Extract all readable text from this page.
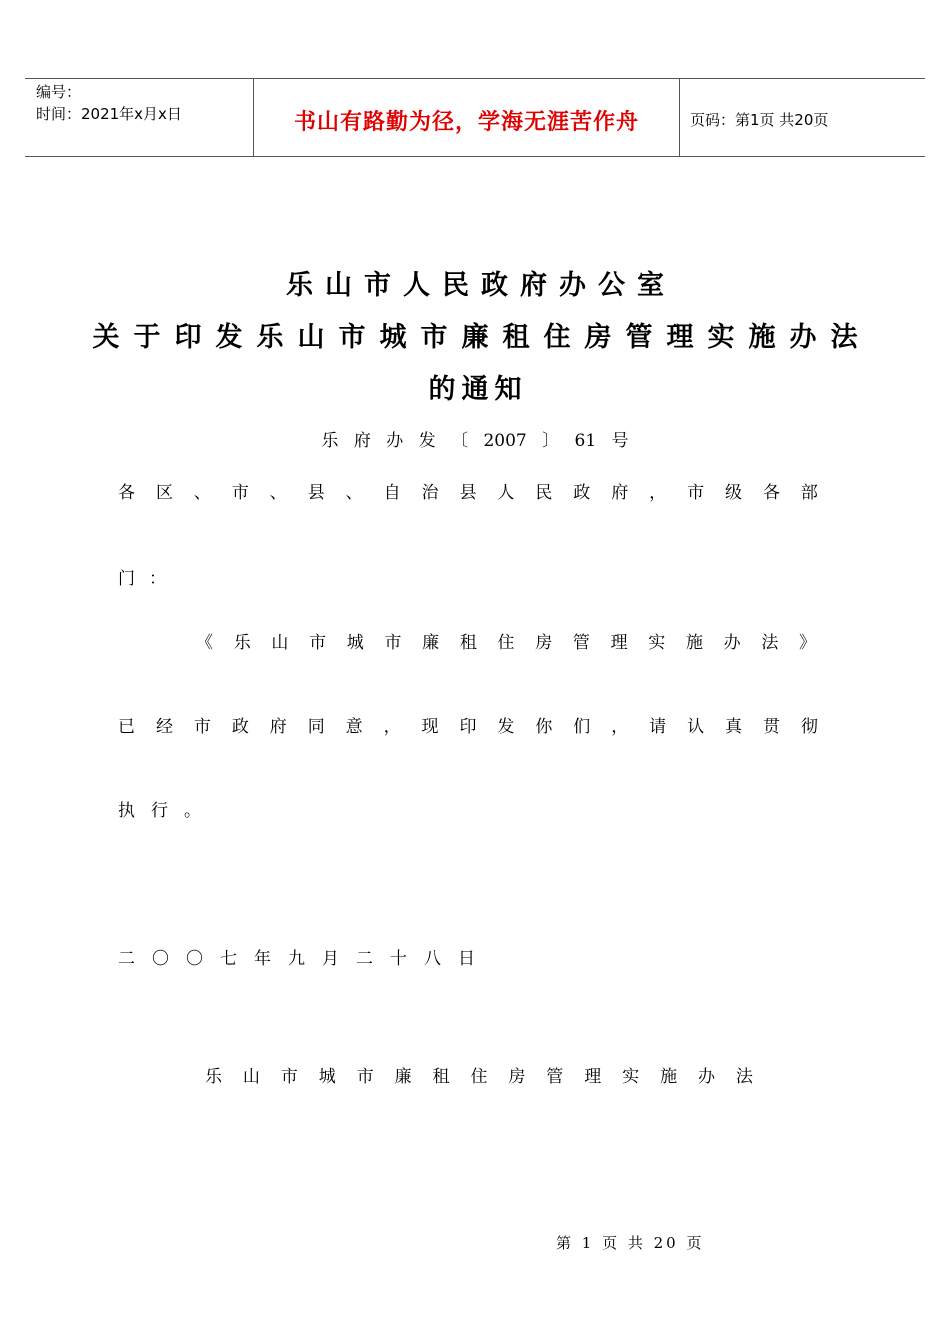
编号：
时间：2021年x月x日	书山有路勤为径，学海无涯苦作舟	页码：第1页 共20页
乐山市人民政府办公室
关于印发乐山市城市廉租住房管理实施办法
的通知
乐 府 办 发 〔 2007 〕 61 号
各 区 、 市 、 县 、 自 治 县 人 民 政 府 ， 市 级 各 部
门：
《 乐 山 市 城 市 廉 租 住 房 管 理 实 施 办 法 》
已 经 市 政 府 同 意 ， 现 印 发 你 们 ， 请 认 真 贯 彻
执行。
二〇〇七年九月二十八日
乐 山 市 城 市 廉 租 住 房 管 理 实 施 办 法
第 1 页 共 20 页
